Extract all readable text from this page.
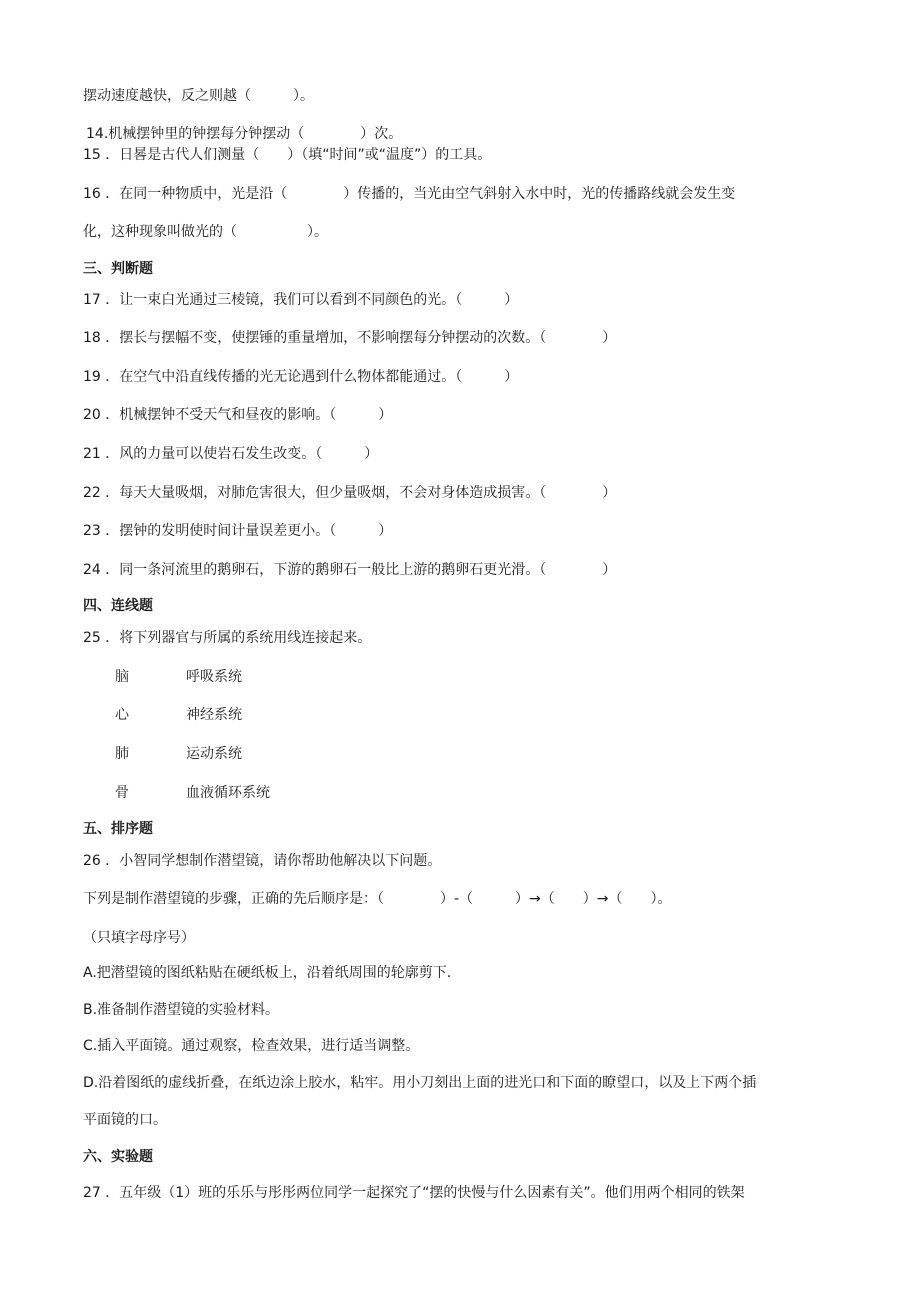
摆动速度越快，反之则越（　　　）。
14.机械摆钟里的钟摆每分钟摆动（　　　　）次。
15 ．日晷是古代人们测量（　　）（填“时间”或“温度”）的工具。
16 ．在同一种物质中，光是沿（　　　　）传播的，当光由空气斜射入水中时，光的传播路线就会发生变
化，这种现象叫做光的（　　　　　）。
三、判断题
17 ．让一束白光通过三棱镜，我们可以看到不同颜色的光。（　　　）
18 ．摆长与摆幅不变，使摆锤的重量增加，不影响摆每分钟摆动的次数。（　　　　）
19 ．在空气中沿直线传播的光无论遇到什么物体都能通过。（　　　）
20 ．机械摆钟不受天气和昼夜的影响。（　　　）
21 ．风的力量可以使岩石发生改变。（　　　）
22 ．每天大量吸烟，对肺危害很大，但少量吸烟，不会对身体造成损害。（　　　　）
23 ．摆钟的发明使时间计量误差更小。（　　　）
24 ．同一条河流里的鹅卵石，下游的鹅卵石一般比上游的鹅卵石更光滑。（　　　　）
四、连线题
25 ．将下列器官与所属的系统用线连接起来。
脑	呼吸系统
心	神经系统
肺	运动系统
骨	血液循环系统
五、排序题
26 ．小智同学想制作潜望镜，请你帮助他解决以下问题。
下列是制作潜望镜的步骤，正确的先后顺序是：（　　　　）-（　　　）→（　　）→（　　）。
（只填字母序号）
A.把潜望镜的图纸粘贴在硬纸板上，沿着纸周围的轮廓剪下.
B.准备制作潜望镜的实验材料。
C.插入平面镜。通过观察，检查效果，进行适当调整。
D.沿着图纸的虚线折叠，在纸边涂上胶水，粘牢。用小刀刻出上面的进光口和下面的瞭望口，以及上下两个插
平面镜的口。
六、实验题
27 ．五年级（1）班的乐乐与彤彤两位同学一起探究了“摆的快慢与什么因素有关”。他们用两个相同的铁架
